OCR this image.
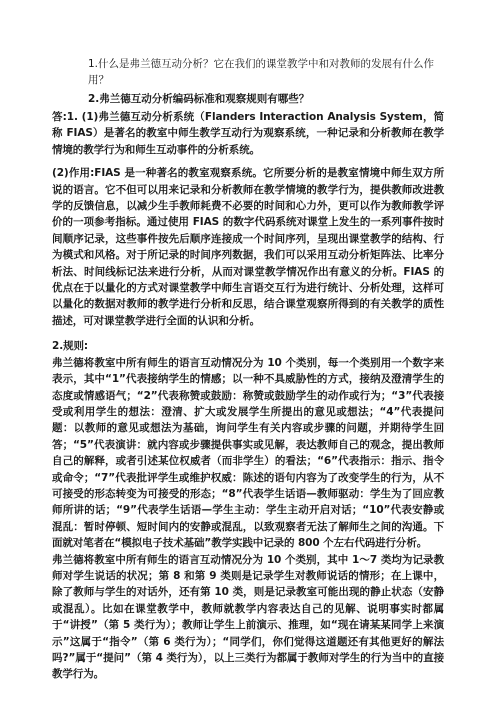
1.什么是弗兰德互动分析？它在我们的课堂教学中和对教师的发展有什么作用？

2.弗兰德互动分析编码标准和观察规则有哪些？

答:1. (1)弗兰德互动分析系统（Flanders Interaction Analysis System，简称 FIAS）是著名的教室中师生教学互动行为观察系统，一种记录和分析教师在教学情境的教学行为和师生互动事件的分析系统。

(2)作用:FIAS 是一种著名的教室观察系统。它所要分析的是教室情境中师生双方所说的语言。它不但可以用来记录和分析教师在教学情境的教学行为，提供教师改进教学的反馈信息，以减少生手教师耗费不必要的时间和心力外，更可以作为教师教学评价的一项参考指标。通过使用 FIAS 的数字代码系统对课堂上发生的一系列事件按时间顺序记录，这些事件按先后顺序连接成一个时间序列，呈现出课堂教学的结构、行为模式和风格。对于所记录的时间序列数据，我们可以采用互动分析矩阵法、比率分析法、时间线标记法来进行分析，从而对课堂教学情况作出有意义的分析。FIAS 的优点在于以量化的方式对课堂教学中师生言语交互行为进行统计、分析处理，这样可以量化的数据对教师的教学进行分析和反思，结合课堂观察所得到的有关教学的质性描述，可对课堂教学进行全面的认识和分析。

2.规则:

弗兰德将教室中所有师生的语言互动情况分为 10 个类别，每一个类别用一个数字来表示，其中“1”代表接纳学生的情感；以一种不具威胁性的方式，接纳及澄清学生的态度或情感语气；“2”代表称赞或鼓励：称赞或鼓励学生的动作或行为；“3”代表接受或利用学生的想法：澄清、扩大或发展学生所提出的意见或想法；“4”代表提问题：以教师的意见或想法为基础，询问学生有关内容或步骤的问题，并期待学生回答；“5”代表演讲：就内容或步骤提供事实或见解，表达教师自己的观念，提出教师自己的解释，或者引述某位权威者（而非学生）的看法；“6”代表指示：指示、指令或命令；“7”代表批评学生或维护权威：陈述的语句内容为了改变学生的行为，从不可接受的形态转变为可接受的形态；“8”代表学生话语—教师驱动：学生为了回应教师所讲的话；“9”代表学生话语—学生主动：学生主动开启对话；“10”代表安静或混乱：暂时停顿、短时间内的安静或混乱，以致观察者无法了解师生之间的沟通。下面就对笔者在“模拟电子技术基础”教学实践中记录的 800 个左右代码进行分析。

弗兰德将教室中所有师生的语言互动情况分为 10 个类别，其中 1～7 类均为记录教师对学生说话的状况；第 8 和第 9 类则是记录学生对教师说话的情形；在上课中，除了教师与学生的对话外，还有第 10 类，则是记录教室可能出现的静止状态（安静或混乱）。比如在课堂教学中，教师就教学内容表达自己的见解、说明事实时都属于“讲授”（第 5 类行为）；教师让学生上前演示、推理，如“现在请某某同学上来演示”这属于“指令”（第 6 类行为）；“同学们，你们觉得这道题还有其他更好的解法吗?”属于“提问”（第 4 类行为），以上三类行为都属于教师对学生的行为当中的直接教学行为。
